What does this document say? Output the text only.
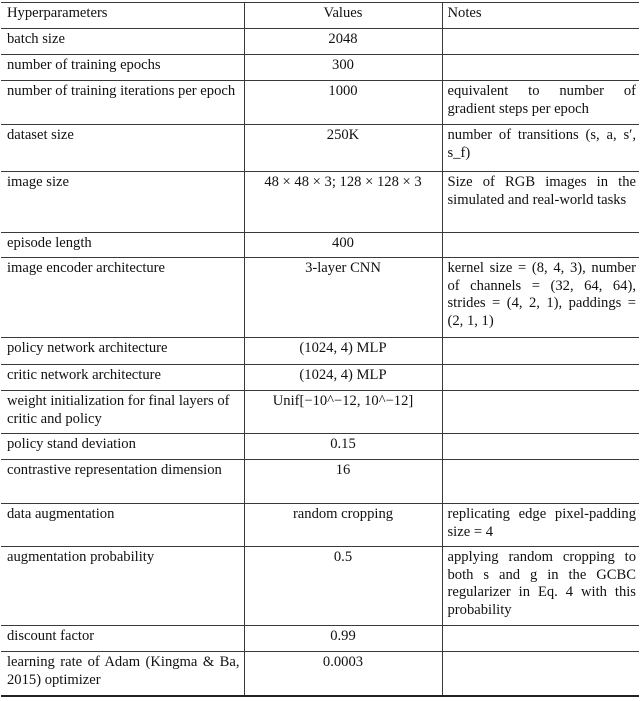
Hyperparameters	Values	Notes
batch size	2048	
number of training epochs	300	
number of training iterations per epoch	1000	equivalent to number of gradient steps per epoch
dataset size	250K	number of transitions (s, a, s′, s_f)
image size	48 × 48 × 3; 128 × 128 × 3	Size of RGB images in the simulated and real-world tasks
episode length	400	
image encoder architecture	3-layer CNN	kernel size = (8, 4, 3), number of channels = (32, 64, 64), strides = (4, 2, 1), paddings = (2, 1, 1)
policy network architecture	(1024, 4) MLP	
critic network architecture	(1024, 4) MLP	
weight initialization for final layers of critic and policy	Unif[−10^−12, 10^−12]	
policy stand deviation	0.15	
contrastive representation dimension	16	
data augmentation	random cropping	replicating edge pixel-padding size = 4
augmentation probability	0.5	applying random cropping to both s and g in the GCBC regularizer in Eq. 4 with this probability
discount factor	0.99	
learning rate of Adam (Kingma & Ba, 2015) optimizer	0.0003	
